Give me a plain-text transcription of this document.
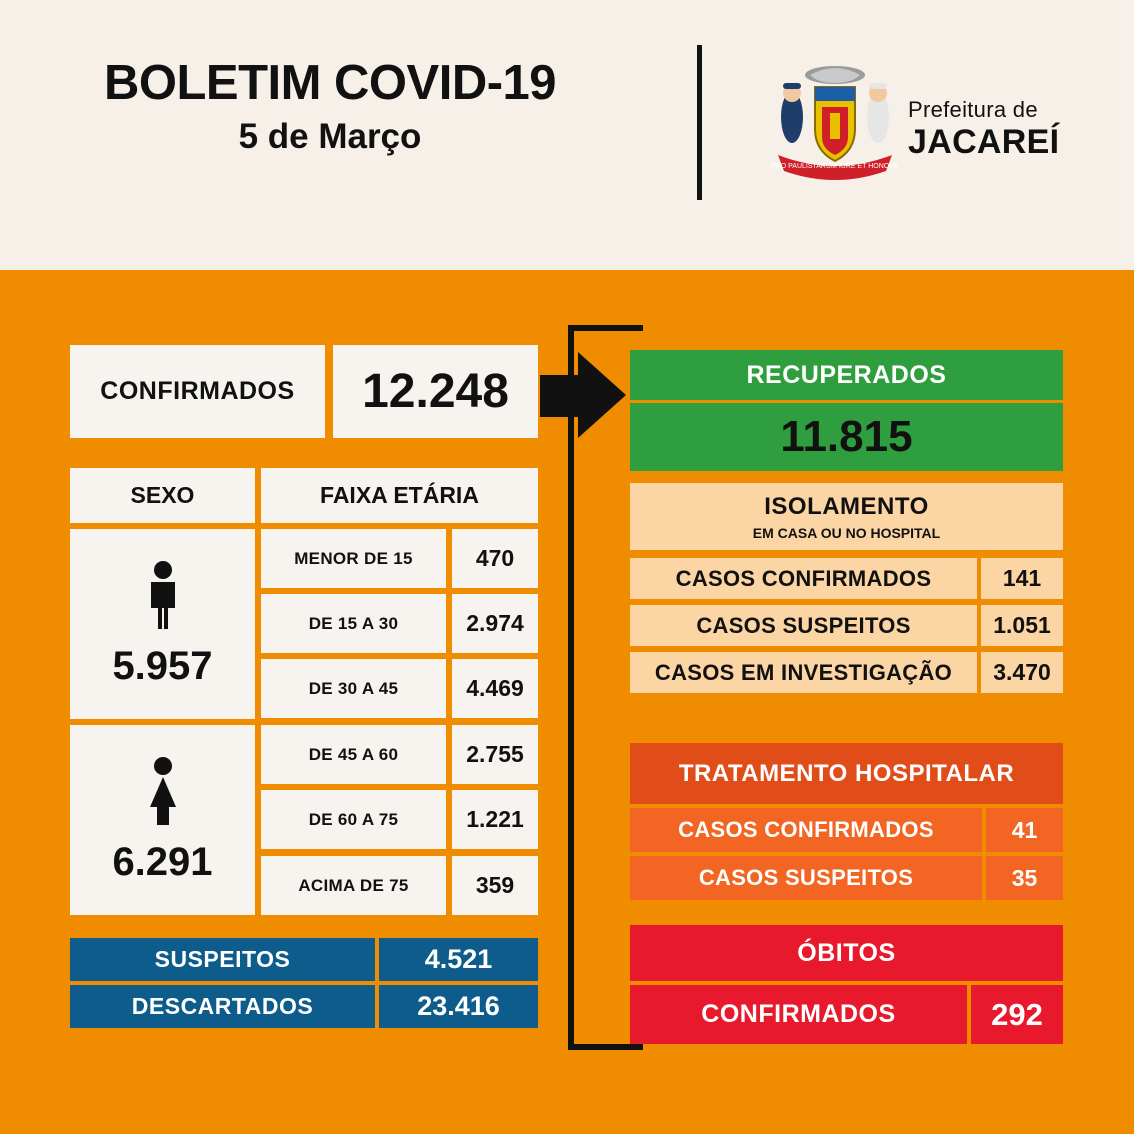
BOLETIM COVID-19
5 de Março
PRO PAULISTARUM IURE ET HONORE
Prefeitura de
JACAREÍ
CONFIRMADOS	12.248
SEXO	FAIXA ETÁRIA
5.957
6.291
MENOR DE 15	470
DE 15 A 30	2.974
DE 30 A 45	4.469
DE 45 A 60	2.755
DE 60 A 75	1.221
ACIMA DE 75	359
SUSPEITOS	4.521
DESCARTADOS	23.416
RECUPERADOS
11.815
ISOLAMENTO
EM CASA OU NO HOSPITAL
CASOS CONFIRMADOS	141
CASOS SUSPEITOS	1.051
CASOS EM INVESTIGAÇÃO	3.470
TRATAMENTO HOSPITALAR
CASOS CONFIRMADOS	41
CASOS SUSPEITOS	35
ÓBITOS
CONFIRMADOS	292
